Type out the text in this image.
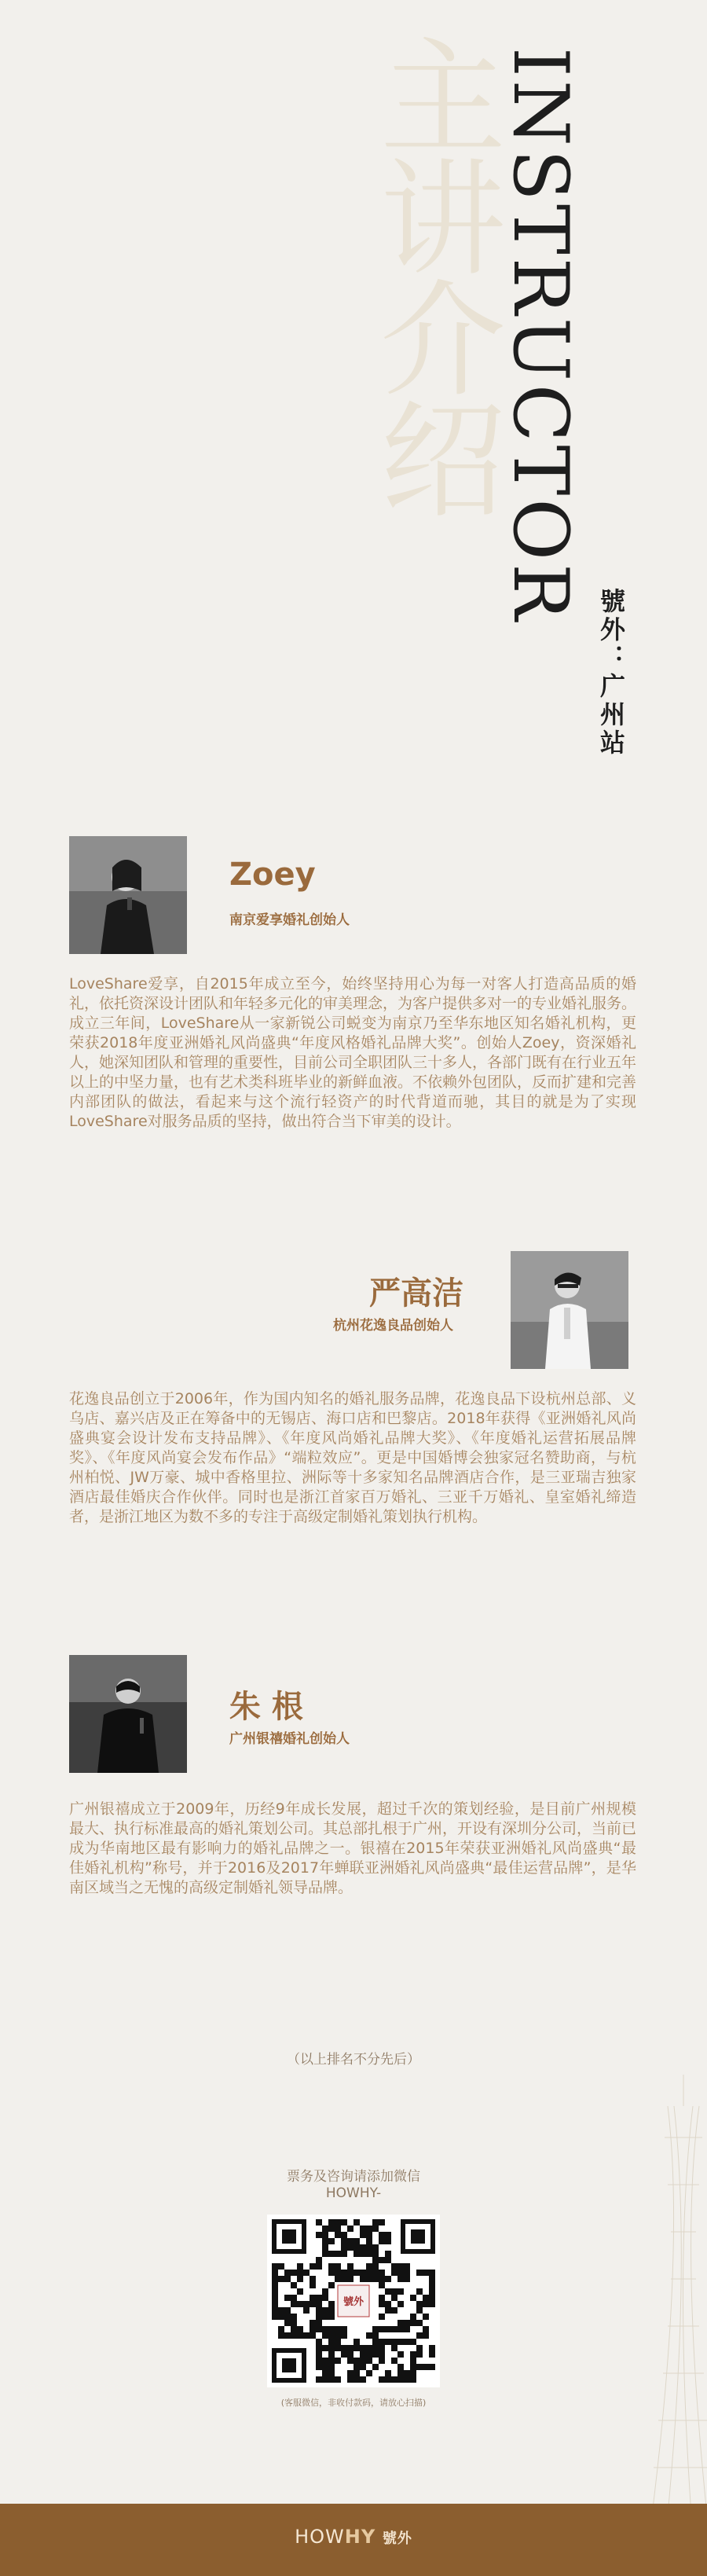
主讲介绍
INSTRUCTOR
號外：广州站
Zoey
南京爱享婚礼创始人
LoveShare爱享，自2015年成立至今，始终坚持用心为每一对客人打造高品质的婚礼，依托资深设计团队和年轻多元化的审美理念，为客户提供多对一的专业婚礼服务。成立三年间，LoveShare从一家新锐公司蜕变为南京乃至华东地区知名婚礼机构，更荣获2018年度亚洲婚礼风尚盛典“年度风格婚礼品牌大奖”。创始人Zoey，资深婚礼人，她深知团队和管理的重要性，目前公司全职团队三十多人，各部门既有在行业五年以上的中坚力量，也有艺术类科班毕业的新鲜血液。不依赖外包团队，反而扩建和完善内部团队的做法，看起来与这个流行轻资产的时代背道而驰，其目的就是为了实现LoveShare对服务品质的坚持，做出符合当下审美的设计。
严高洁
杭州花逸良品创始人
花逸良品创立于2006年，作为国内知名的婚礼服务品牌，花逸良品下设杭州总部、义乌店、嘉兴店及正在筹备中的无锡店、海口店和巴黎店。2018年获得《亚洲婚礼风尚盛典宴会设计发布支持品牌》、《年度风尚婚礼品牌大奖》、《年度婚礼运营拓展品牌奖》、《年度风尚宴会发布作品》“端粒效应”。更是中国婚博会独家冠名赞助商，与杭州柏悦、JW万豪、城中香格里拉、洲际等十多家知名品牌酒店合作，是三亚瑞吉独家酒店最佳婚庆合作伙伴。同时也是浙江首家百万婚礼、三亚千万婚礼、皇室婚礼缔造者，是浙江地区为数不多的专注于高级定制婚礼策划执行机构。
朱 根
广州银禧婚礼创始人
广州银禧成立于2009年，历经9年成长发展，超过千次的策划经验，是目前广州规模最大、执行标准最高的婚礼策划公司。其总部扎根于广州，开设有深圳分公司，当前已成为华南地区最有影响力的婚礼品牌之一。银禧在2015年荣获亚洲婚礼风尚盛典“最佳婚礼机构”称号，并于2016及2017年蝉联亚洲婚礼风尚盛典“最佳运营品牌”，是华南区域当之无愧的高级定制婚礼领导品牌。
（以上排名不分先后）
票务及咨询请添加微信
HOWHY-
號外
(客服微信，非收付款码，请放心扫描)
HOWHY 號外
